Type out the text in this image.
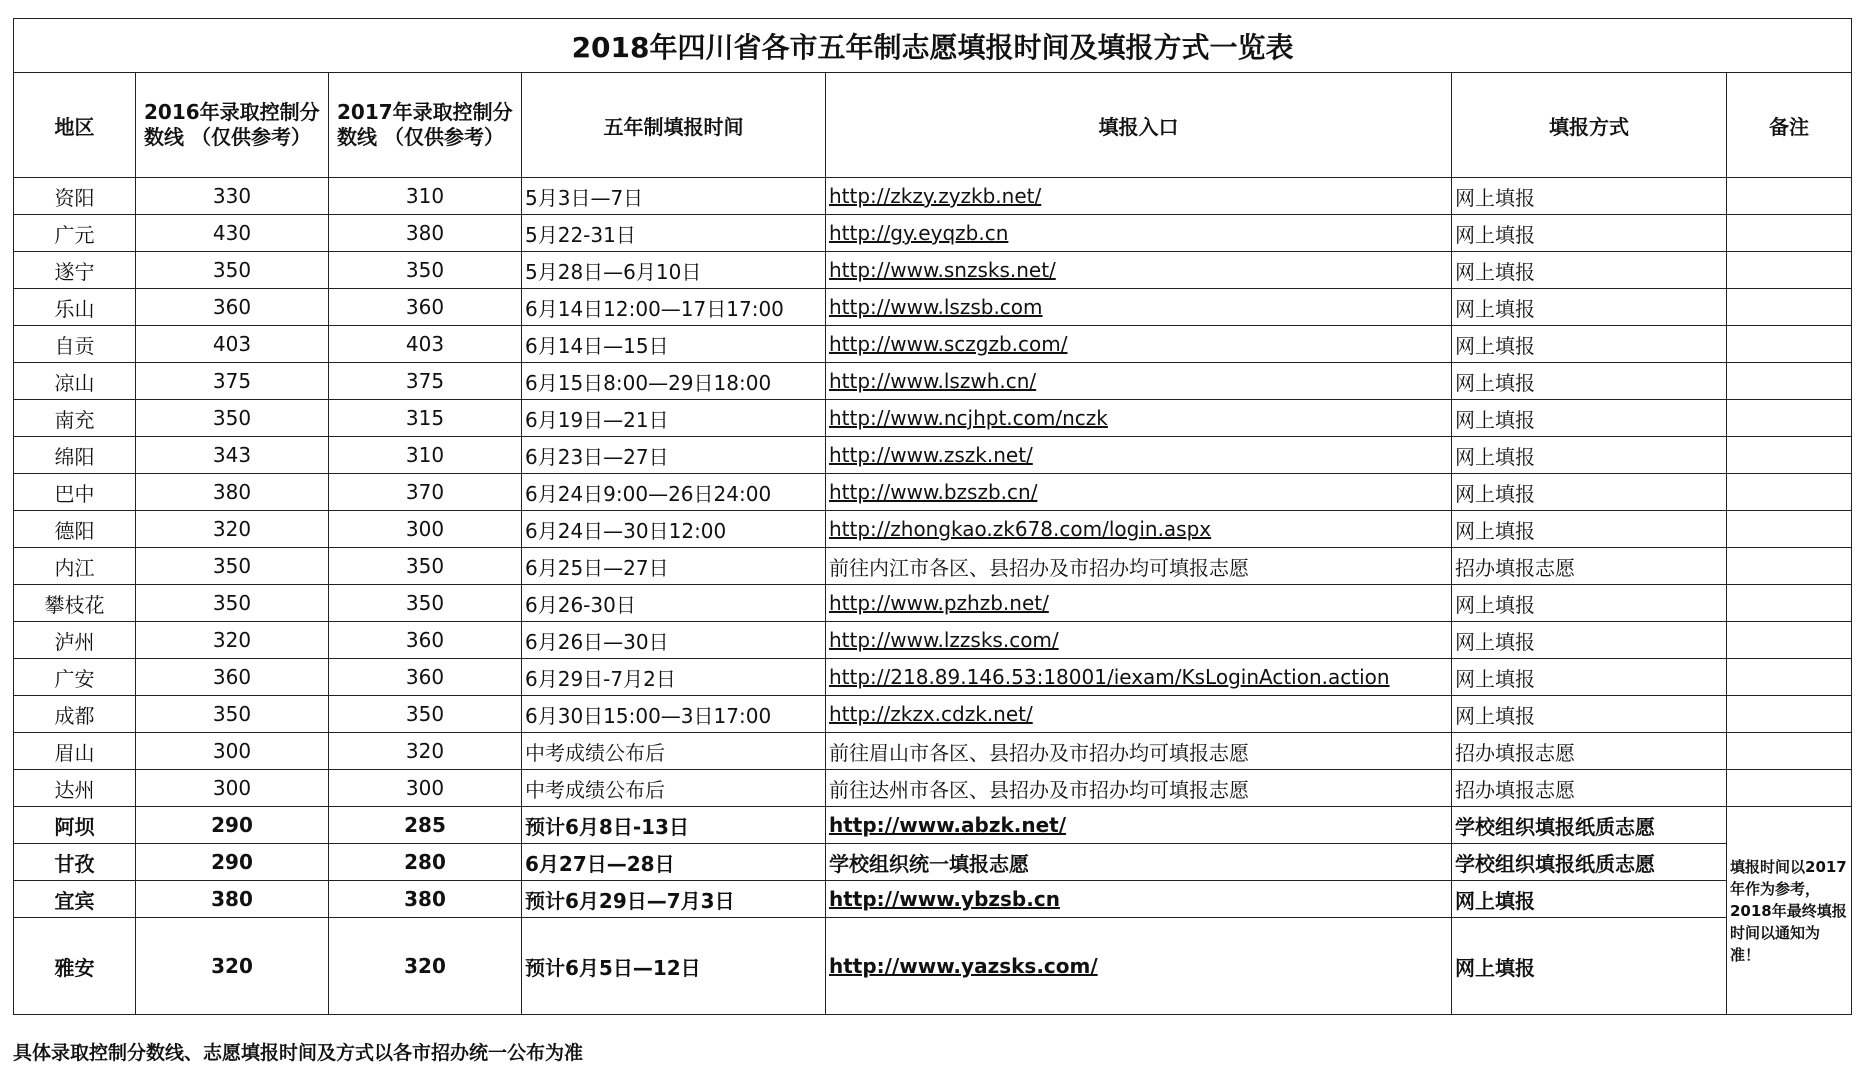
2018年四川省各市五年制志愿填报时间及填报方式一览表						
地区	2016年录取控制分数线 （仅供参考）	2017年录取控制分数线 （仅供参考）	五年制填报时间	填报入口	填报方式	备注
资阳	330	310	5月3日—7日	http://zkzy.zyzkb.net/	网上填报	
广元	430	380	5月22-31日	http://gy.eyqzb.cn	网上填报	
遂宁	350	350	5月28日—6月10日	http://www.snzsks.net/	网上填报	
乐山	360	360	6月14日12:00—17日17:00	http://www.lszsb.com	网上填报	
自贡	403	403	6月14日—15日	http://www.sczgzb.com/	网上填报	
凉山	375	375	6月15日8:00—29日18:00	http://www.lszwh.cn/	网上填报	
南充	350	315	6月19日—21日	http://www.ncjhpt.com/nczk	网上填报	
绵阳	343	310	6月23日—27日	http://www.zszk.net/	网上填报	
巴中	380	370	6月24日9:00—26日24:00	http://www.bzszb.cn/	网上填报	
德阳	320	300	6月24日—30日12:00	http://zhongkao.zk678.com/login.aspx	网上填报	
内江	350	350	6月25日—27日	前往内江市各区、县招办及市招办均可填报志愿	招办填报志愿	
攀枝花	350	350	6月26-30日	http://www.pzhzb.net/	网上填报	
泸州	320	360	6月26日—30日	http://www.lzzsks.com/	网上填报	
广安	360	360	6月29日-7月2日	http://218.89.146.53:18001/iexam/KsLoginAction.action	网上填报	
成都	350	350	6月30日15:00—3日17:00	http://zkzx.cdzk.net/	网上填报	
眉山	300	320	中考成绩公布后	前往眉山市各区、县招办及市招办均可填报志愿	招办填报志愿	
达州	300	300	中考成绩公布后	前往达州市各区、县招办及市招办均可填报志愿	招办填报志愿	
阿坝	290	285	预计6月8日-13日	http://www.abzk.net/	学校组织填报纸质志愿	填报时间以2017年作为参考，2018年最终填报时间以通知为准！
甘孜	290	280	6月27日—28日	学校组织统一填报志愿	学校组织填报纸质志愿	
宜宾	380	380	预计6月29日—7月3日	http://www.ybzsb.cn	网上填报	
雅安	320	320	预计6月5日—12日	http://www.yazsks.com/	网上填报	
具体录取控制分数线、志愿填报时间及方式以各市招办统一公布为准
